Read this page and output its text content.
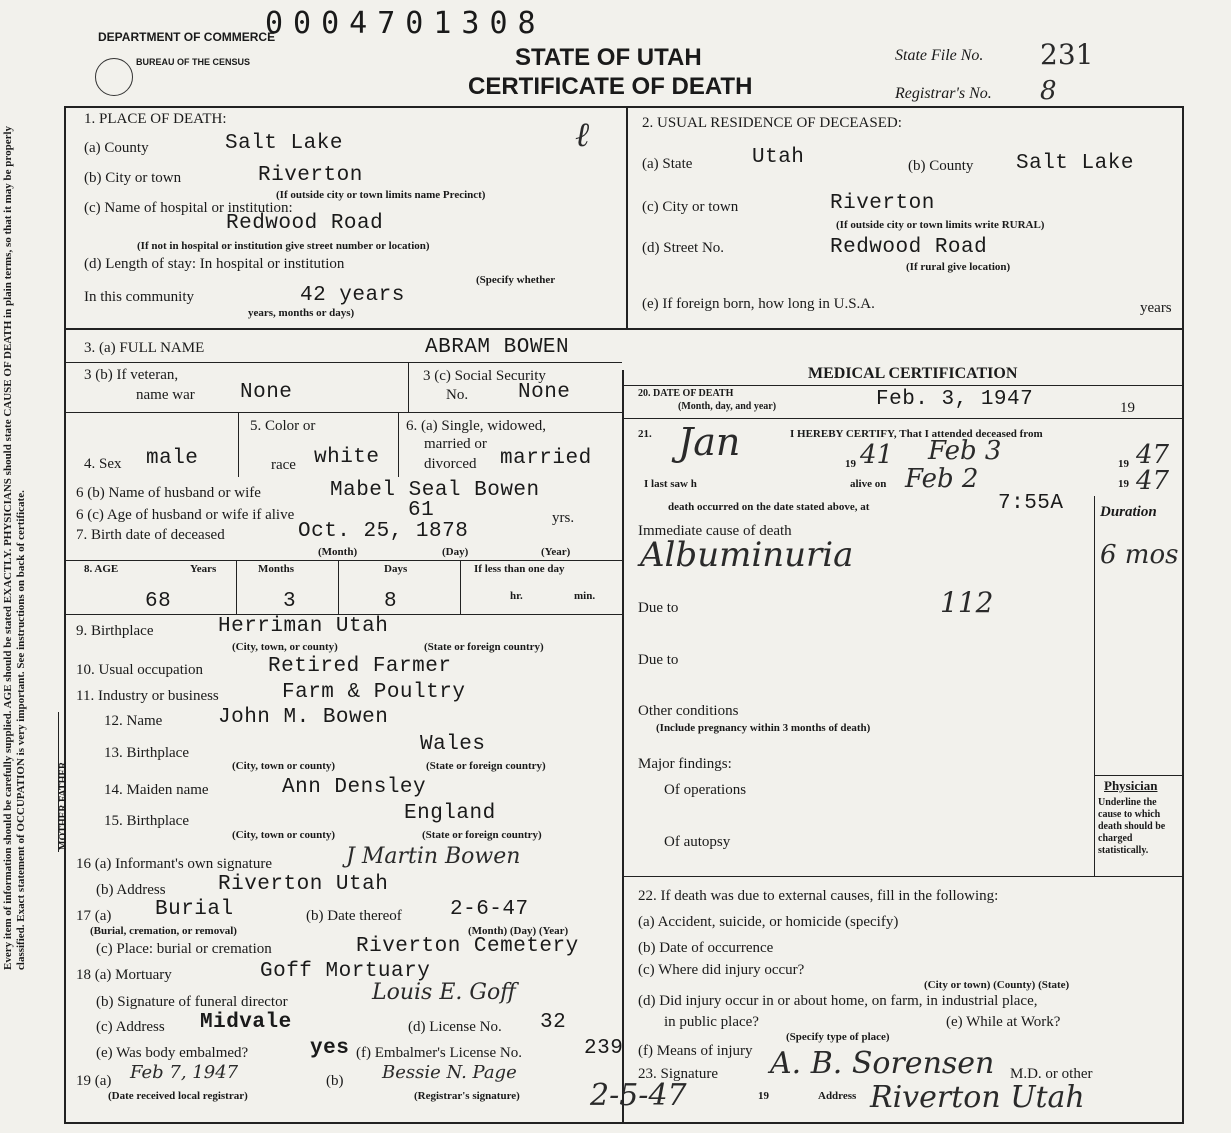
DEPARTMENT OF COMMERCE
BUREAU OF THE CENSUS
0004701308
STATE OF UTAH
CERTIFICATE OF DEATH
State File No. 231
Registrar's No. 8
Every item of information should be carefully supplied. AGE should be stated EXACTLY. PHYSICIANS should state CAUSE OF DEATH in plain terms, so that it may be properly classified. Exact statement of OCCUPATION is very important. See instructions on back of certificate.	MOTHER FATHER
1. PLACE OF DEATH:
(a) County	Salt Lake	ℓ
(b) City or town	Riverton
(If outside city or town limits name Precinct)
(c) Name of hospital or institution:
Redwood Road
(If not in hospital or institution give street number or location)
(d) Length of stay: In hospital or institution
(Specify whether
In this community	42 years
years, months or days)
2. USUAL RESIDENCE OF DECEASED:
(a) State	Utah	(b) County Salt Lake
(c) City or town	Riverton
(If outside city or town limits write RURAL)
(d) Street No.	Redwood Road
(If rural give location)
(e) If foreign born, how long in U.S.A.	years
3. (a) FULL NAME	ABRAM BOWEN
3 (b) If veteran,
name war None
3 (c) Social Security
No. None
4. Sex male
5. Color or
race white
6. (a) Single, widowed,
married or
divorced married
6 (b) Name of husband or wife	Mabel Seal Bowen
6 (c) Age of husband or wife if alive	61	yrs.
7. Birth date of deceased	Oct. 25, 1878
(Month)	(Day)	(Year)
8. AGE	Years	Months	Days	If less than one day
68	3	8	hr.	min.
9. Birthplace	Herriman Utah
(City, town, or county)	(State or foreign country)
10. Usual occupation	Retired Farmer
11. Industry or business	Farm & Poultry
12. Name	John M. Bowen
13. Birthplace	Wales
(City, town or county)	(State or foreign country)
14. Maiden name	Ann Densley
15. Birthplace	England
(City, town or county)	(State or foreign country)
16 (a) Informant's own signature	J Martin Bowen
(b) Address Riverton Utah
17 (a) Burial
(Burial, cremation, or removal)
(b) Date thereof 2-6-47
(Month) (Day) (Year)
(c) Place: burial or cremation	Riverton Cemetery
18 (a) Mortuary	Goff Mortuary
(b) Signature of funeral director	Louis E. Goff
(c) Address Midvale	(d) License No. 32
(e) Was body embalmed?	yes (f) Embalmer's License No.	239
19 (a) Feb 7, 1947
(Date received local registrar)
(b) Bessie N. Page
(Registrar's signature)
MEDICAL CERTIFICATION
20. DATE OF DEATH
(Month, day, and year)	Feb. 3, 1947	19
21.	I HEREBY CERTIFY, That I attended deceased from
Jan	19 41 Feb 3	19 47
I last saw h	alive on Feb 2	19 47
death occurred on the date stated above, at	7:55A Duration
Immediate cause of death
Albuminuria	6 mos
Due to	112
Due to
Other conditions
(Include pregnancy within 3 months of death)
Major findings:
Of operations
Of autopsy
Physician
Underline the cause to which death should be charged statistically.
22. If death was due to external causes, fill in the following:
(a) Accident, suicide, or homicide (specify)
(b) Date of occurrence
(c) Where did injury occur?
(City or town) (County) (State)
(d) Did injury occur in or about home, on farm, in industrial place,
in public place?	(e) While at Work?
(Specify type of place)
(f) Means of injury
23. Signature A. B. Sorensen M.D. or other
2-5-47	19	Address Riverton Utah
